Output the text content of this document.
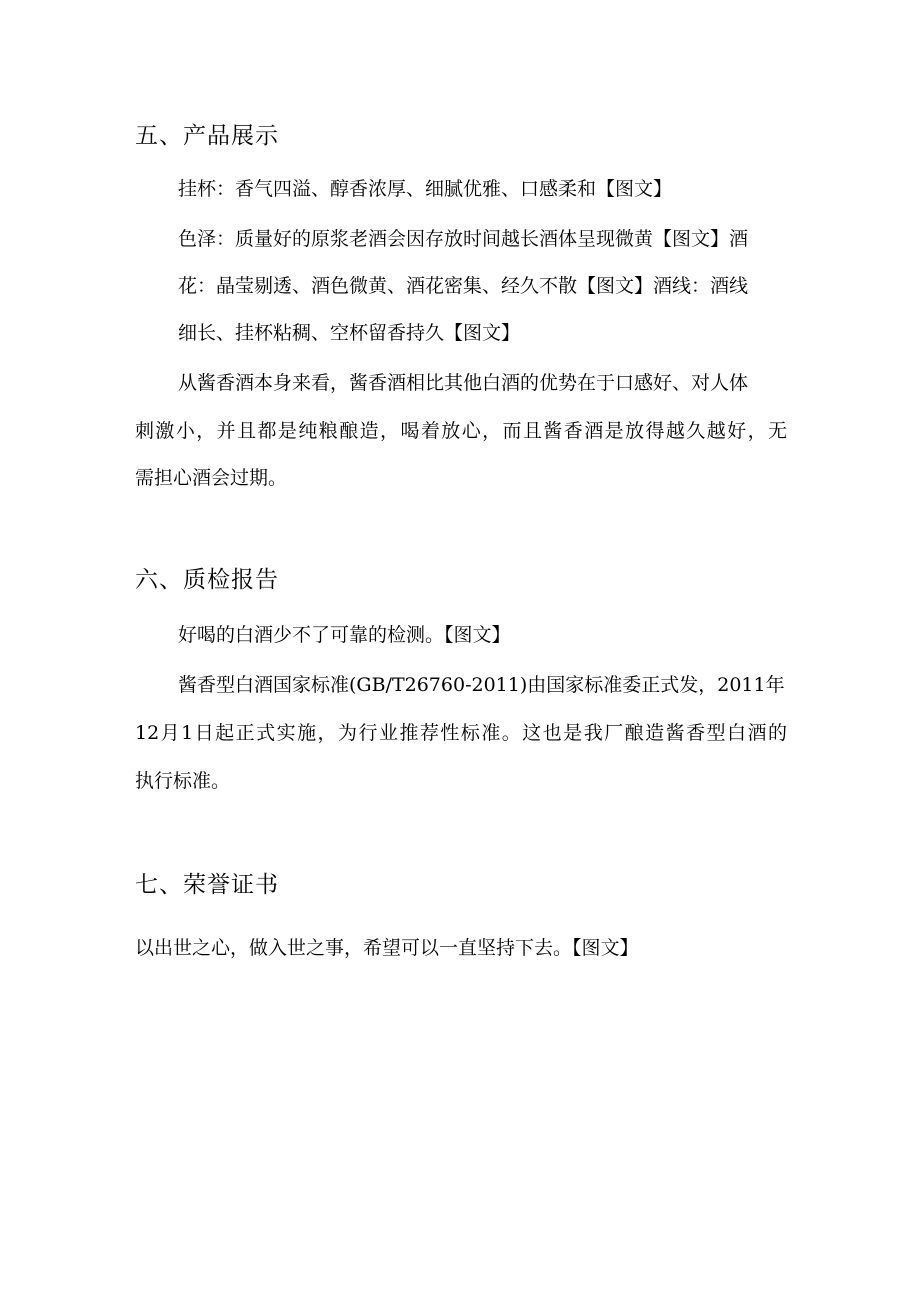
五、产品展示
挂杯：香气四溢、醇香浓厚、细腻优雅、口感柔和【图文】
色泽：质量好的原浆老酒会因存放时间越长酒体呈现微黄【图文】酒
花：晶莹剔透、酒色微黄、酒花密集、经久不散【图文】酒线：酒线
细长、挂杯粘稠、空杯留香持久【图文】
从酱香酒本身来看，酱香酒相比其他白酒的优势在于口感好、对人体
刺激小，并且都是纯粮酿造，喝着放心，而且酱香酒是放得越久越好，无
需担心酒会过期。
六、质检报告
好喝的白酒少不了可靠的检测。【图文】
酱香型白酒国家标准(GB/T26760-2011)由国家标准委正式发，2011年
12月1日起正式实施，为行业推荐性标准。这也是我厂酿造酱香型白酒的
执行标准。
七、荣誉证书
以出世之心，做入世之事，希望可以一直坚持下去。【图文】
